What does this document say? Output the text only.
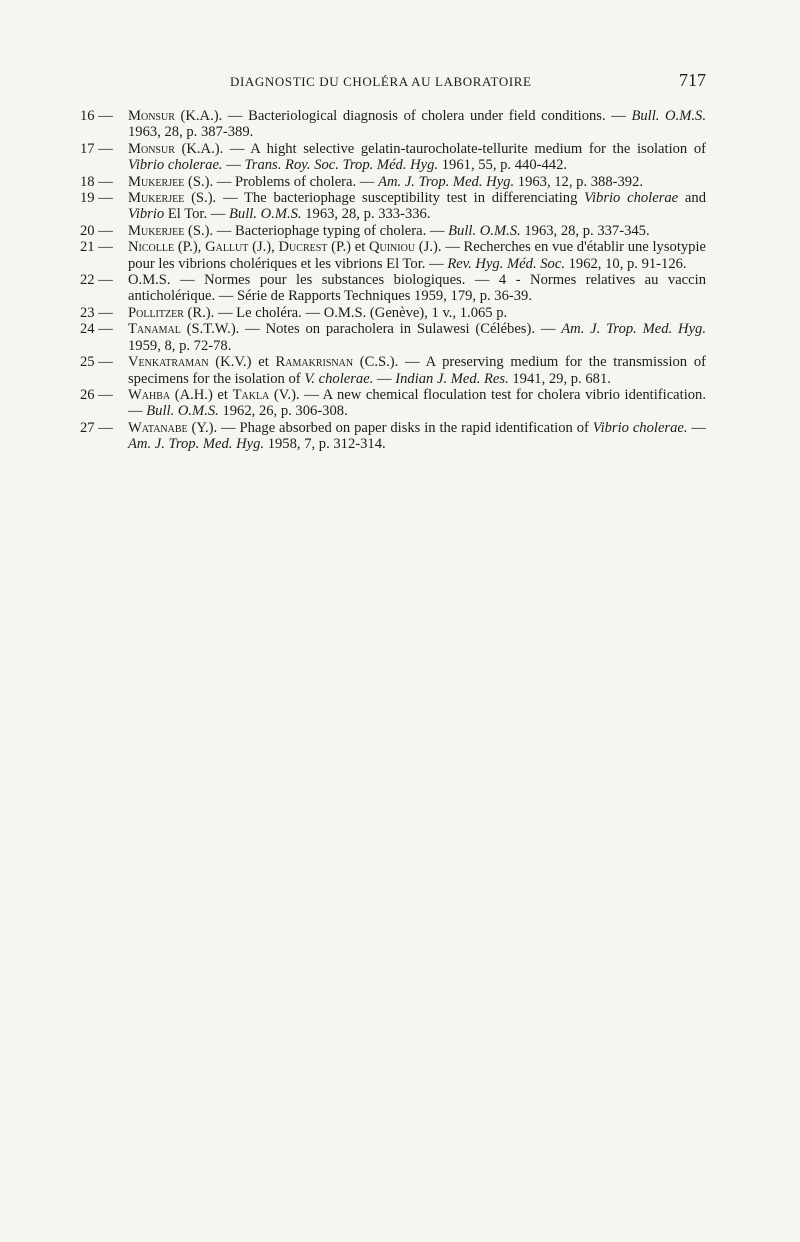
DIAGNOSTIC DU CHOLÉRA AU LABORATOIRE	717
16 — Monsur (K.A.). — Bacteriological diagnosis of cholera under field conditions. — Bull. O.M.S. 1963, 28, p. 387-389.
17 — Monsur (K.A.). — A hight selective gelatin-taurocholate-tellurite medium for the isolation of Vibrio cholerae. — Trans. Roy. Soc. Trop. Méd. Hyg. 1961, 55, p. 440-442.
18 — Mukerjee (S.). — Problems of cholera. — Am. J. Trop. Med. Hyg. 1963, 12, p. 388-392.
19 — Mukerjee (S.). — The bacteriophage susceptibility test in differenciating Vibrio cholerae and Vibrio El Tor. — Bull. O.M.S. 1963, 28, p. 333-336.
20 — Mukerjee (S.). — Bacteriophage typing of cholera. — Bull. O.M.S. 1963, 28, p. 337-345.
21 — Nicolle (P.), Gallut (J.), Ducrest (P.) et Quiniou (J.). — Recherches en vue d'établir une lysotypie pour les vibrions cholériques et les vibrions El Tor. — Rev. Hyg. Méd. Soc. 1962, 10, p. 91-126.
22 — O.M.S. — Normes pour les substances biologiques. — 4 - Normes relatives au vaccin anticholérique. — Série de Rapports Techniques 1959, 179, p. 36-39.
23 — Pollitzer (R.). — Le choléra. — O.M.S. (Genève), 1 v., 1.065 p.
24 — Tanamal (S.T.W.). — Notes on paracholera in Sulawesi (Célébes). — Am. J. Trop. Med. Hyg. 1959, 8, p. 72-78.
25 — Venkatraman (K.V.) et Ramakrisnan (C.S.). — A preserving medium for the transmission of specimens for the isolation of V. cholerae. — Indian J. Med. Res. 1941, 29, p. 681.
26 — Wahba (A.H.) et Takla (V.). — A new chemical floculation test for cholera vibrio identification. — Bull. O.M.S. 1962, 26, p. 306-308.
27 — Watanabe (Y.). — Phage absorbed on paper disks in the rapid identification of Vibrio cholerae. — Am. J. Trop. Med. Hyg. 1958, 7, p. 312-314.
